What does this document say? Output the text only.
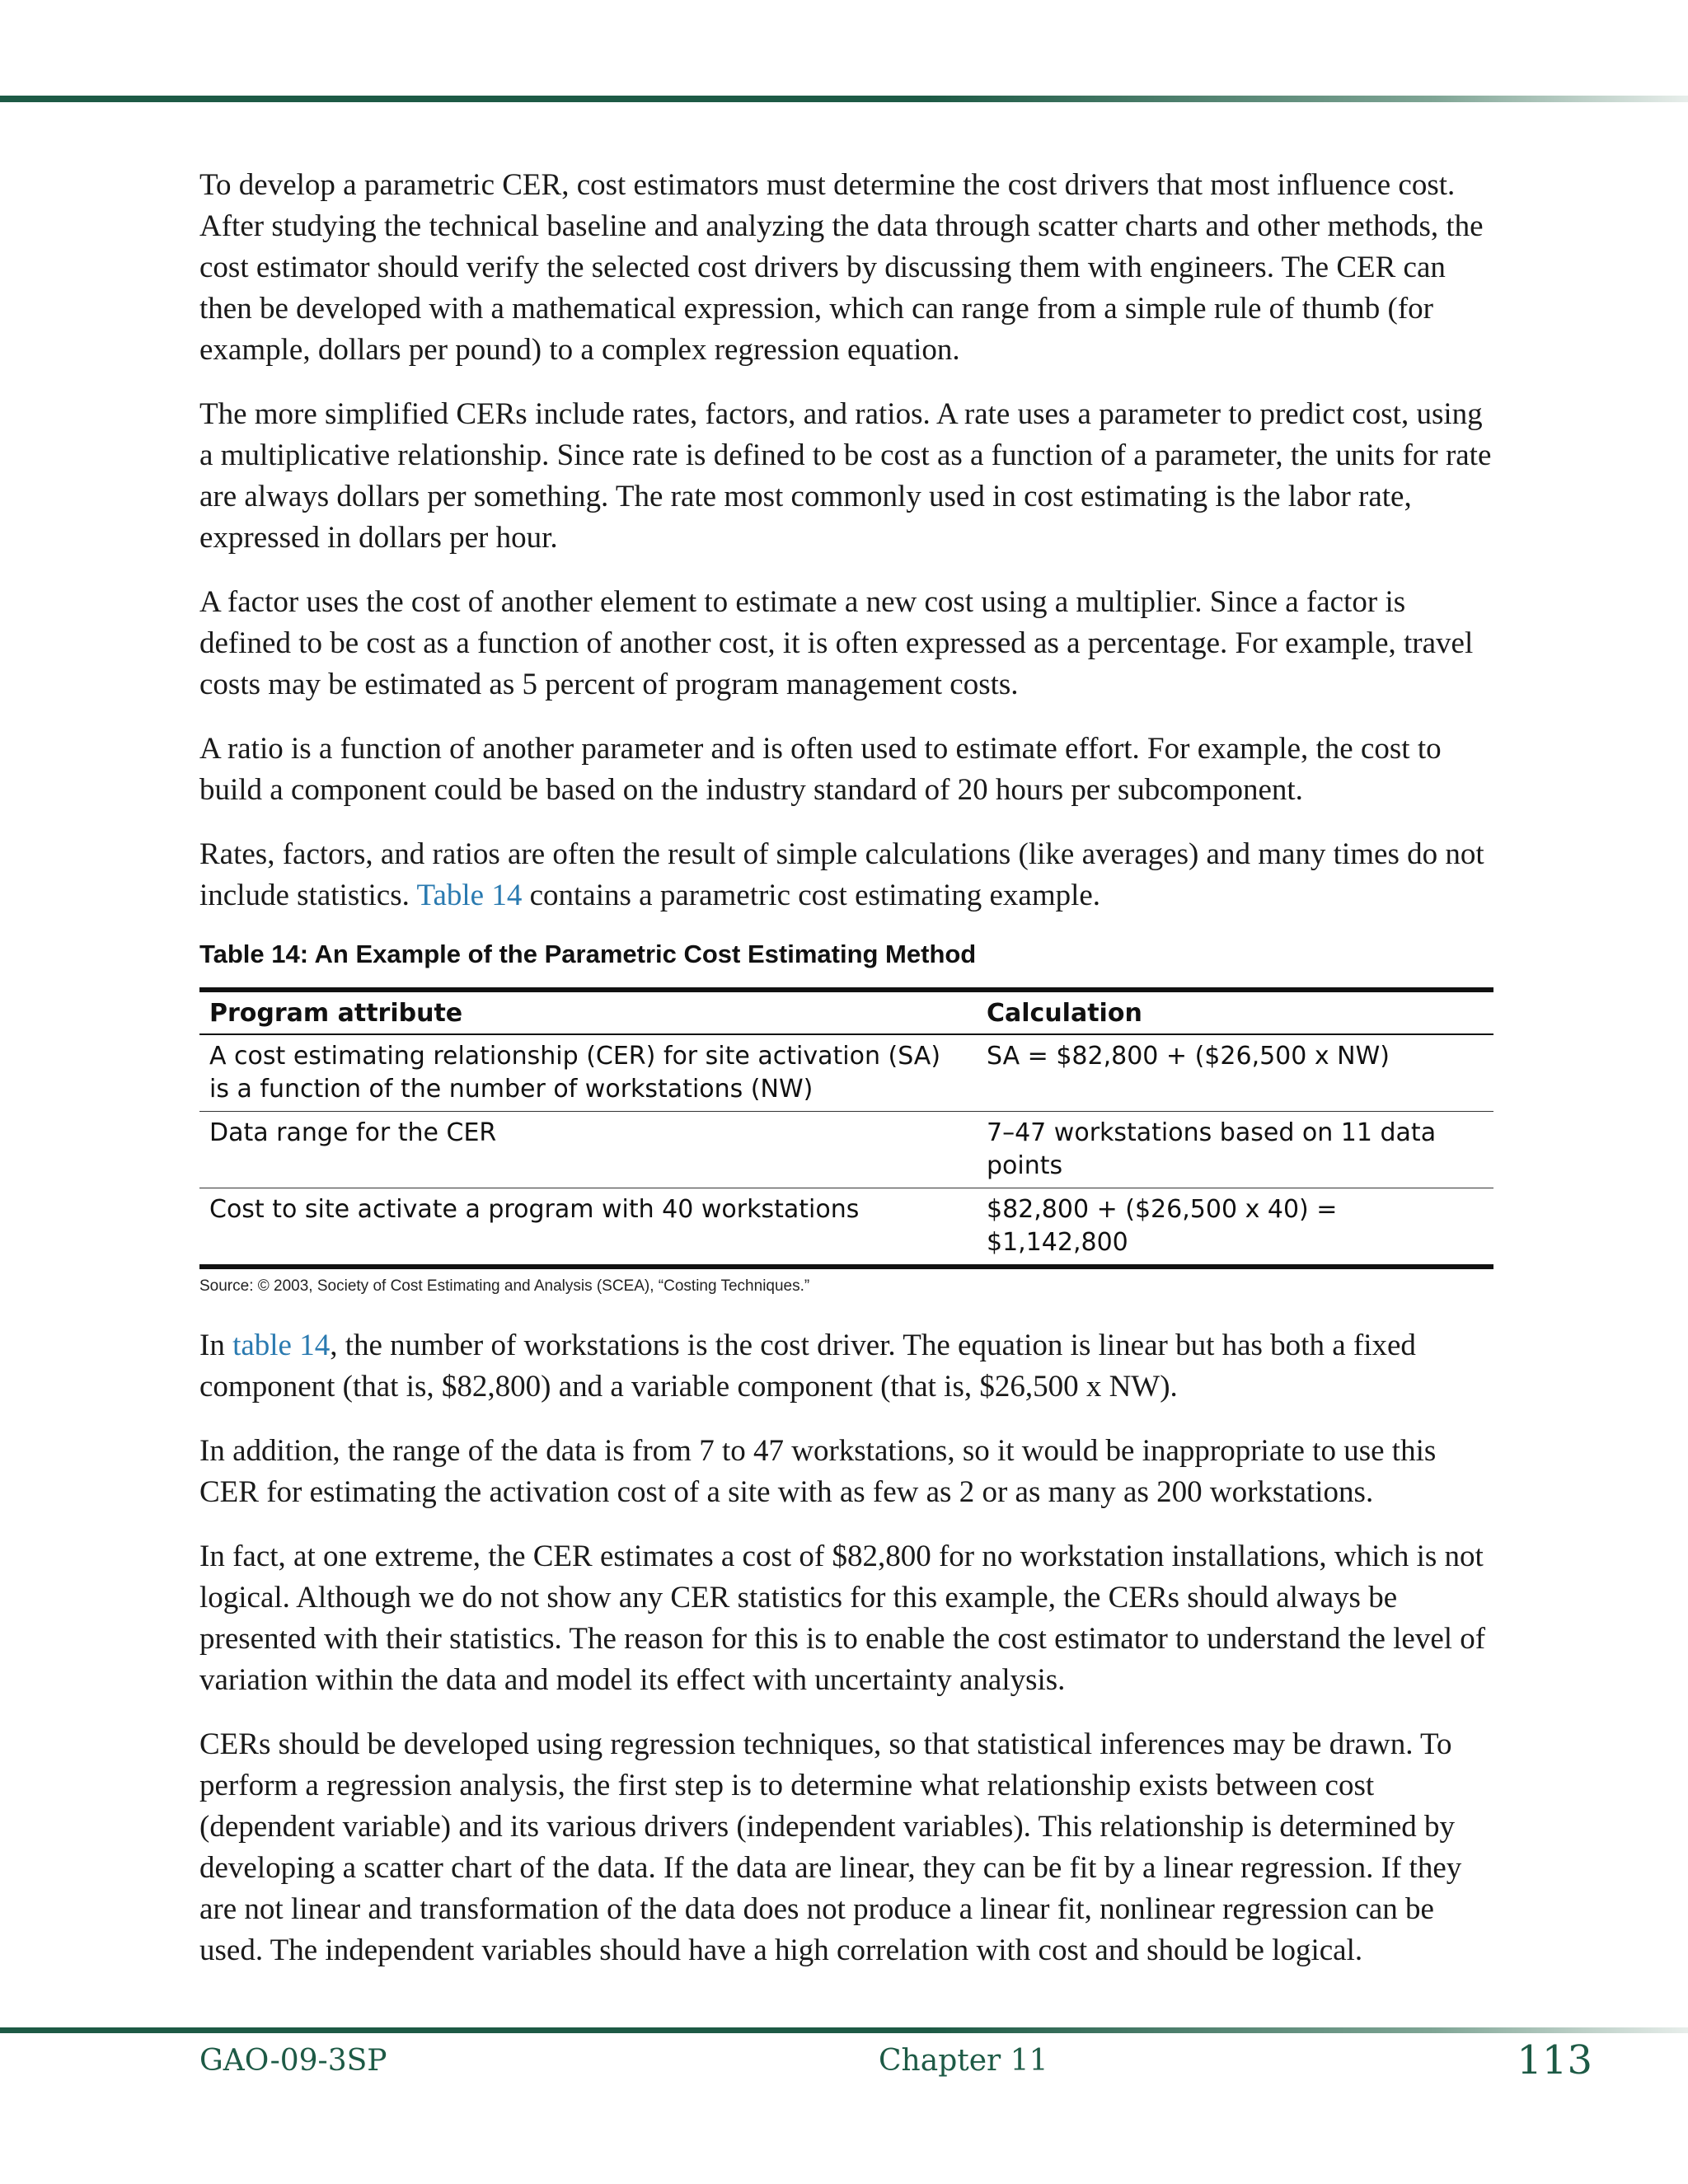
To develop a parametric CER, cost estimators must determine the cost drivers that most influence cost. After studying the technical baseline and analyzing the data through scatter charts and other methods, the cost estimator should verify the selected cost drivers by discussing them with engineers. The CER can then be developed with a mathematical expression, which can range from a simple rule of thumb (for example, dollars per pound) to a complex regression equation.

The more simplified CERs include rates, factors, and ratios. A rate uses a parameter to predict cost, using a multiplicative relationship. Since rate is defined to be cost as a function of a parameter, the units for rate are always dollars per something. The rate most commonly used in cost estimating is the labor rate, expressed in dollars per hour.

A factor uses the cost of another element to estimate a new cost using a multiplier. Since a factor is defined to be cost as a function of another cost, it is often expressed as a percentage. For example, travel costs may be estimated as 5 percent of program management costs.

A ratio is a function of another parameter and is often used to estimate effort. For example, the cost to build a component could be based on the industry standard of 20 hours per subcomponent.

Rates, factors, and ratios are often the result of simple calculations (like averages) and many times do not include statistics. Table 14 contains a parametric cost estimating example.

Table 14: An Example of the Parametric Cost Estimating Method
Program attribute	Calculation
A cost estimating relationship (CER) for site activation (SA) is a function of the number of workstations (NW)	SA = $82,800 + ($26,500 x NW)
Data range for the CER	7–47 workstations based on 11 data points
Cost to site activate a program with 40 workstations	$82,800 + ($26,500 x 40) = $1,142,800
Source: © 2003, Society of Cost Estimating and Analysis (SCEA), “Costing Techniques.”

In table 14, the number of workstations is the cost driver. The equation is linear but has both a fixed component (that is, $82,800) and a variable component (that is, $26,500 x NW).

In addition, the range of the data is from 7 to 47 workstations, so it would be inappropriate to use this CER for estimating the activation cost of a site with as few as 2 or as many as 200 workstations.

In fact, at one extreme, the CER estimates a cost of $82,800 for no workstation installations, which is not logical. Although we do not show any CER statistics for this example, the CERs should always be presented with their statistics. The reason for this is to enable the cost estimator to understand the level of variation within the data and model its effect with uncertainty analysis.

CERs should be developed using regression techniques, so that statistical inferences may be drawn. To perform a regression analysis, the first step is to determine what relationship exists between cost (dependent variable) and its various drivers (independent variables). This relationship is determined by developing a scatter chart of the data. If the data are linear, they can be fit by a linear regression. If they are not linear and transformation of the data does not produce a linear fit, nonlinear regression can be used. The independent variables should have a high correlation with cost and should be logical.

GAO-09-3SP	Chapter 11	113
